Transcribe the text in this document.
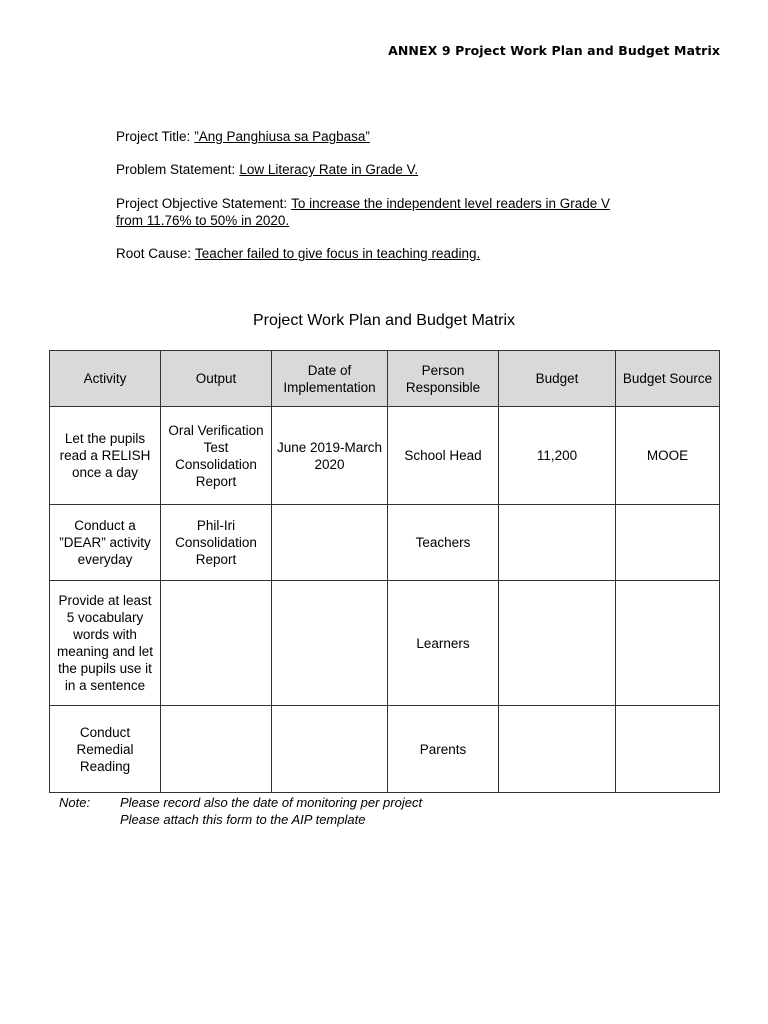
ANNEX 9 Project Work Plan and Budget Matrix
Project Title: ”Ang Panghiusa sa Pagbasa”
Problem Statement: Low Literacy Rate in Grade V.
Project Objective Statement: To increase the independent level readers in Grade V from 11.76% to 50% in 2020.
Root Cause: Teacher failed to give focus in teaching reading.
Project Work Plan and Budget Matrix
Activity	Output	Date of Implementation	Person Responsible	Budget	Budget Source
Let the pupils read a RELISH once a day	Oral Verification Test Consolidation Report	June 2019-March 2020	School Head	11,200	MOOE
Conduct a ”DEAR” activity everyday	Phil-Iri Consolidation Report		Teachers		
Provide at least 5 vocabulary words with meaning and let the pupils use it in a sentence			Learners		
Conduct Remedial Reading			Parents		
Note: Please record also the date of monitoring per project
Please attach this form to the AIP template
